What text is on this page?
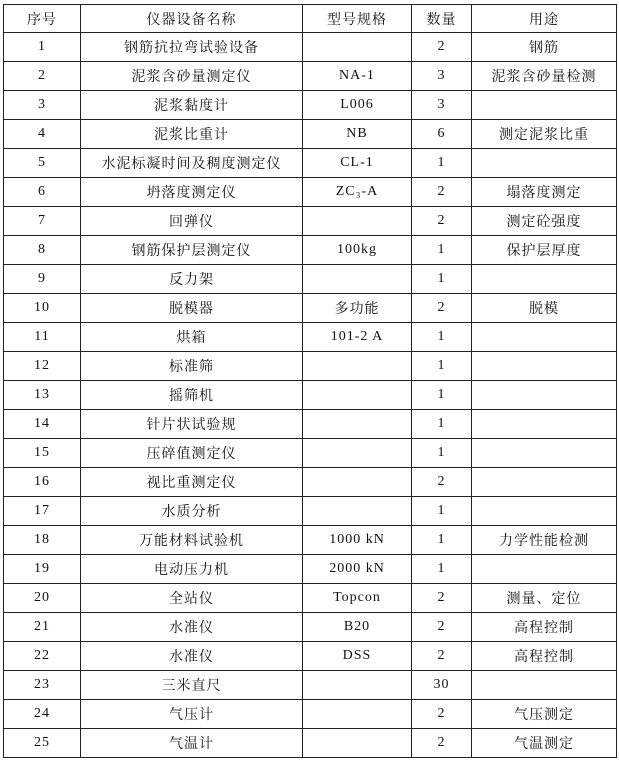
序号	仪器设备名称	型号规格	数量	用途
1	钢筋抗拉弯试验设备		2	钢筋
2	泥浆含砂量测定仪	NA-1	3	泥浆含砂量检测
3	泥浆黏度计	L006	3	
4	泥浆比重计	NB	6	测定泥浆比重
5	水泥标凝时间及稠度测定仪	CL-1	1	
6	坍落度测定仪	ZC₃-A	2	塌落度测定
7	回弹仪		2	测定砼强度
8	钢筋保护层测定仪	100kg	1	保护层厚度
9	反力架		1	
10	脱模器	多功能	2	脱模
11	烘箱	101-2 A	1	
12	标准筛		1	
13	摇筛机		1	
14	针片状试验规		1	
15	压碎值测定仪		1	
16	视比重测定仪		2	
17	水质分析		1	
18	万能材料试验机	1000 kN	1	力学性能检测
19	电动压力机	2000 kN	1	
20	全站仪	Topcon	2	测量、定位
21	水准仪	B20	2	高程控制
22	水准仪	DSS	2	高程控制
23	三米直尺		30	
24	气压计		2	气压测定
25	气温计		2	气温测定
